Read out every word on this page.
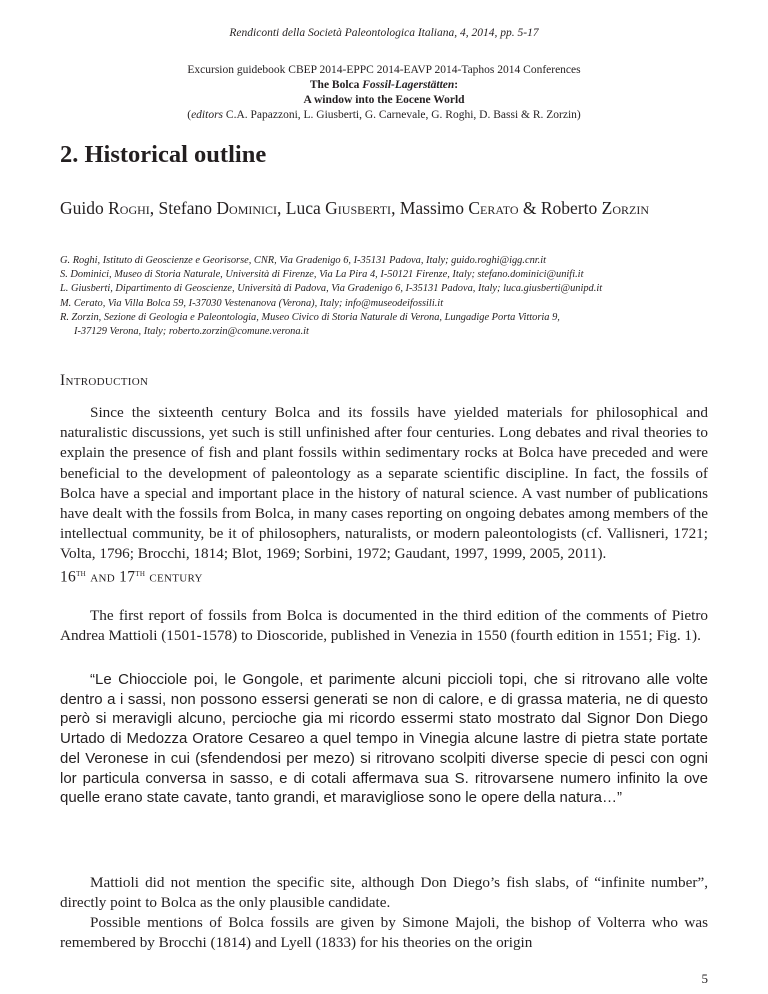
Rendiconti della Società Paleontologica Italiana, 4, 2014, pp. 5-17
Excursion guidebook CBEP 2014-EPPC 2014-EAVP 2014-Taphos 2014 Conferences
The Bolca Fossil-Lagerstätten:
A window into the Eocene World
(editors C.A. Papazzoni, L. Giusberti, G. Carnevale, G. Roghi, D. Bassi & R. Zorzin)
2. Historical outline

Guido Roghi, Stefano Dominici, Luca Giusberti, Massimo Cerato & Roberto Zorzin

G. Roghi, Istituto di Geoscienze e Georisorse, CNR, Via Gradenigo 6, I-35131 Padova, Italy; guido.roghi@igg.cnr.it

S. Dominici, Museo di Storia Naturale, Università di Firenze, Via La Pira 4, I-50121 Firenze, Italy; stefano.dominici@unifi.it

L. Giusberti, Dipartimento di Geoscienze, Università di Padova, Via Gradenigo 6, I-35131 Padova, Italy; luca.giusberti@unipd.it

M. Cerato, Via Villa Bolca 59, I-37030 Vestenanova (Verona), Italy; info@museodeifossili.it

R. Zorzin, Sezione di Geologia e Paleontologia, Museo Civico di Storia Naturale di Verona, Lungadige Porta Vittoria 9,

I-37129 Verona, Italy; roberto.zorzin@comune.verona.it

Introduction

Since the sixteenth century Bolca and its fossils have yielded materials for philosophical and naturalistic discussions, yet such is still unfinished after four centuries. Long debates and rival theories to explain the presence of fish and plant fossils within sedimentary rocks at Bolca have preceded and were beneficial to the development of paleontology as a separate scientific discipline. In fact, the fossils of Bolca have a special and important place in the history of natural science. A vast number of publications have dealt with the fossils from Bolca, in many cases reporting on ongoing debates among members of the intellectual community, be it of philosophers, naturalists, or modern paleontologists (cf. Vallisneri, 1721; Volta, 1796; Brocchi, 1814; Blot, 1969; Sorbini, 1972; Gaudant, 1997, 1999, 2005, 2011).

16th and 17th century

The first report of fossils from Bolca is documented in the third edition of the comments of Pietro Andrea Mattioli (1501-1578) to Dioscoride, published in Venezia in 1550 (fourth edition in 1551; Fig. 1).

“Le Chiocciole poi, le Gongole, et parimente alcuni piccioli topi, che si ritrovano alle volte dentro a i sassi, non possono essersi generati se non di calore, e di grassa materia, ne di questo però si meravigli alcuno, percioche gia mi ricordo essermi stato mostrato dal Signor Don Diego Urtado di Medozza Oratore Cesareo a quel tempo in Vinegia alcune lastre di pietra state portate del Veronese in cui (sfendendosi per mezo) si ritrovano scolpiti diverse specie di pesci con ogni lor particula conversa in sasso, e di cotali affermava sua S. ritrovarsene numero infinito la ove quelle erano state cavate, tanto grandi, et maravigliose sono le opere della natura…”

Mattioli did not mention the specific site, although Don Diego’s fish slabs, of “infinite number”, directly point to Bolca as the only plausible candidate.

Possible mentions of Bolca fossils are given by Simone Majoli, the bishop of Volterra who was remembered by Brocchi (1814) and Lyell (1833) for his theories on the origin

5
